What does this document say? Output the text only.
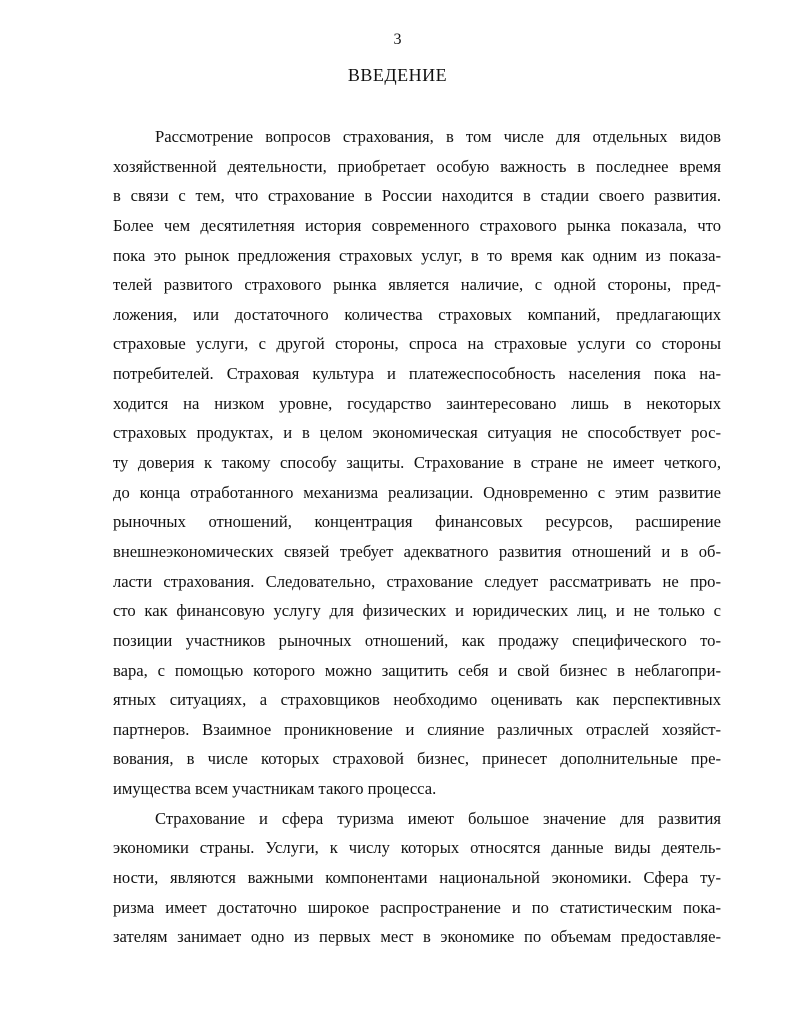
3
ВВЕДЕНИЕ
Рассмотрение вопросов страхования, в том числе для отдельных видов
хозяйственной деятельности, приобретает особую важность в последнее время
в связи с тем, что страхование в России находится в стадии своего развития.
Более чем десятилетняя история современного страхового рынка показала, что
пока это рынок предложения страховых услуг, в то время как одним из показа-
телей развитого страхового рынка является наличие, с одной стороны, пред-
ложения, или достаточного количества страховых компаний, предлагающих
страховые услуги, с другой стороны, спроса на страховые услуги со стороны
потребителей. Страховая культура и платежеспособность населения пока на-
ходится на низком уровне, государство заинтересовано лишь в некоторых
страховых продуктах, и в целом экономическая ситуация не способствует рос-
ту доверия к такому способу защиты. Страхование в стране не имеет четкого,
до конца отработанного механизма реализации. Одновременно с этим развитие
рыночных отношений, концентрация финансовых ресурсов, расширение
внешнеэкономических связей требует адекватного развития отношений и в об-
ласти страхования. Следовательно, страхование следует рассматривать не про-
сто как финансовую услугу для физических и юридических лиц, и не только с
позиции участников рыночных отношений, как продажу специфического то-
вара, с помощью которого можно защитить себя и свой бизнес в неблагопри-
ятных ситуациях, а страховщиков необходимо оценивать как перспективных
партнеров. Взаимное проникновение и слияние различных отраслей хозяйст-
вования, в числе которых страховой бизнес, принесет дополнительные пре-
имущества всем участникам такого процесса.
Страхование и сфера туризма имеют большое значение для развития
экономики страны. Услуги, к числу которых относятся данные виды деятель-
ности, являются важными компонентами национальной экономики. Сфера ту-
ризма имеет достаточно широкое распространение и по статистическим пока-
зателям занимает одно из первых мест в экономике по объемам предоставляе-
